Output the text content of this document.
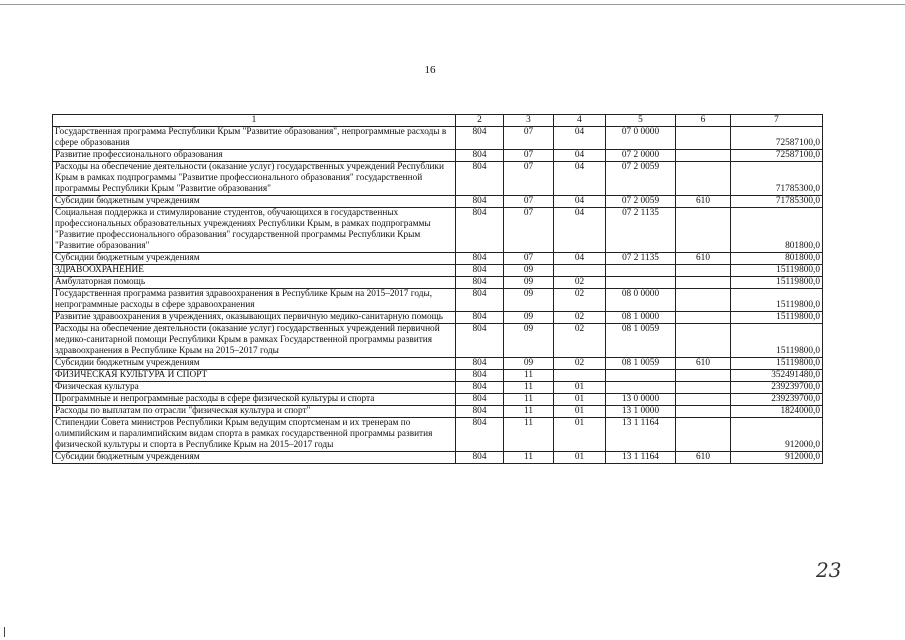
16
1	2	3	4	5	6	7
Государственная программа Республики Крым "Развитие образования", непрограммные расходы в сфере образования	804	07	04	07 0 0000		72587100,0
Развитие профессионального образования	804	07	04	07 2 0000		72587100,0
Расходы на обеспечение деятельности (оказание услуг) государственных учреждений Республики Крым в рамках подпрограммы "Развитие профессионального образования" государственной программы Республики Крым "Развитие образования"	804	07	04	07 2 0059		71785300,0
Субсидии бюджетным учреждениям	804	07	04	07 2 0059	610	71785300,0
Социальная поддержка и стимулирование студентов, обучающихся в государственных профессиональных образовательных учреждениях Республики Крым, в рамках подпрограммы "Развитие профессионального образования" государственной программы Республики Крым "Развитие образования"	804	07	04	07 2 1135		801800,0
Субсидии бюджетным учреждениям	804	07	04	07 2 1135	610	801800,0
ЗДРАВООХРАНЕНИЕ	804	09				15119800,0
Амбулаторная помощь	804	09	02			15119800,0
Государственная программа развития здравоохранения в Республике Крым на 2015–2017 годы, непрограммные расходы в сфере здравоохранения	804	09	02	08 0 0000		15119800,0
Развитие здравоохранения в учреждениях, оказывающих первичную медико-санитарную помощь	804	09	02	08 1 0000		15119800,0
Расходы на обеспечение деятельности (оказание услуг) государственных учреждений первичной медико-санитарной помощи Республики Крым в рамках Государственной программы развития здравоохранения в Республике Крым на 2015–2017 годы	804	09	02	08 1 0059		15119800,0
Субсидии бюджетным учреждениям	804	09	02	08 1 0059	610	15119800,0
ФИЗИЧЕСКАЯ КУЛЬТУРА И СПОРТ	804	11				352491480,0
Физическая культура	804	11	01			239239700,0
Программные и непрограммные расходы в сфере физической культуры и спорта	804	11	01	13 0 0000		239239700,0
Расходы по выплатам по отрасли "физическая культура и спорт"	804	11	01	13 1 0000		1824000,0
Стипендии Совета министров Республики Крым ведущим спортсменам и их тренерам по олимпийским и паралимпийским видам спорта в рамках государственной программы развития физической культуры и спорта в Республике Крым на 2015–2017 годы	804	11	01	13 1 1164		912000,0
Субсидии бюджетным учреждениям	804	11	01	13 1 1164	610	912000,0
23
